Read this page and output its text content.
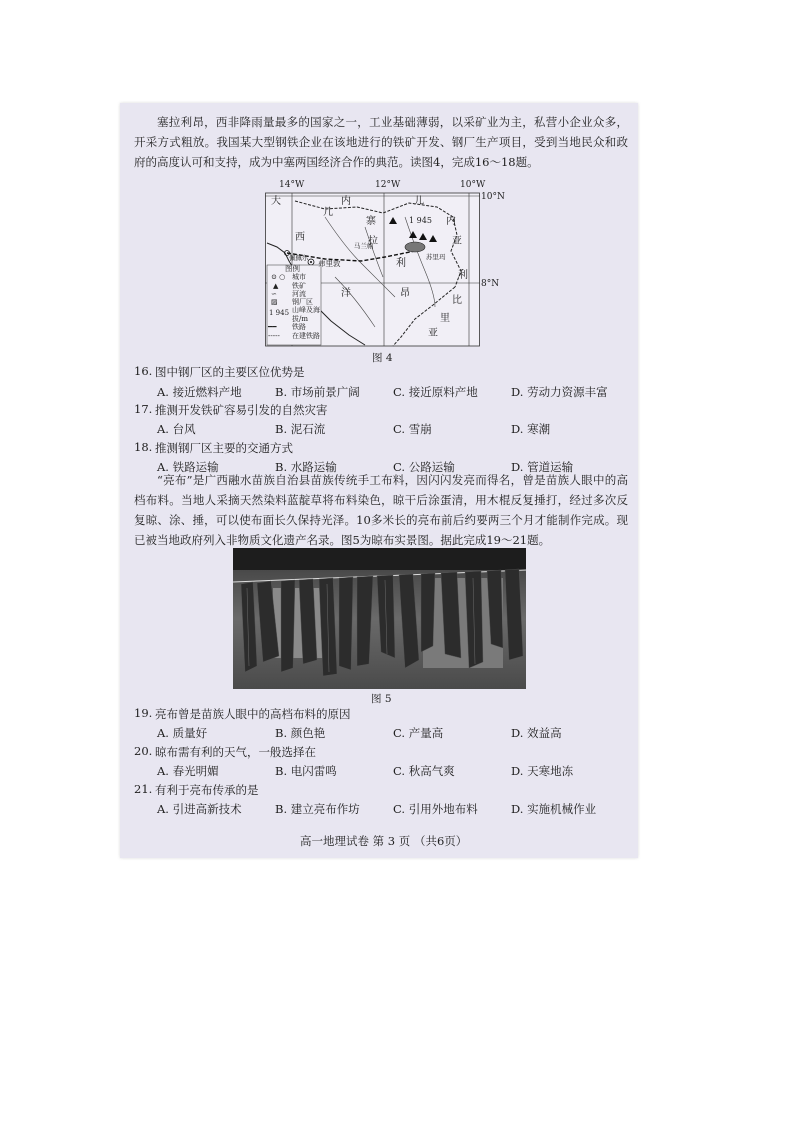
塞拉利昂，西非降雨量最多的国家之一，工业基础薄弱，以采矿业为主，私营小企业众多，开采方式粗放。我国某大型钢铁企业在该地进行的铁矿开发、钢厂生产项目，受到当地民众和政府的高度认可和支持，成为中塞两国经济合作的典范。读图4，完成16～18题。
14°W	12°W	10°W
10°N
8°N
大
几
内
西
寨
拉
利
洋	昂
利
比
里
亚
儿
内
亚
马兰帕
佩佩尔
弗里敦
苏里玛
1 945
图例
⊙ ○ 城市
▲ 铁矿
∽ 河流
▨ 钢厂区
1 945 山峰及海拔/m
━━ 铁路
----- 在建铁路
图 4
16. 图中钢厂区的主要区位优势是
A. 接近燃料产地	B. 市场前景广阔	C. 接近原料产地	D. 劳动力资源丰富
17. 推测开发铁矿容易引发的自然灾害
A. 台风	B. 泥石流	C. 雪崩	D. 寒潮
18. 推测钢厂区主要的交通方式
A. 铁路运输	B. 水路运输	C. 公路运输	D. 管道运输
“亮布”是广西融水苗族自治县苗族传统手工布料，因闪闪发亮而得名，曾是苗族人眼中的高档布料。当地人采摘天然染料蓝靛草将布料染色，晾干后涂蛋清，用木棍反复捶打，经过多次反复晾、涂、捶，可以使布面长久保持光泽。10多米长的亮布前后约要两三个月才能制作完成。现已被当地政府列入非物质文化遗产名录。图5为晾布实景图。据此完成19～21题。
图 5
19. 亮布曾是苗族人眼中的高档布料的原因
A. 质量好	B. 颜色艳	C. 产量高	D. 效益高
20. 晾布需有利的天气，一般选择在
A. 春光明媚	B. 电闪雷鸣	C. 秋高气爽	D. 天寒地冻
21. 有利于亮布传承的是
A. 引进高新技术	B. 建立亮布作坊	C. 引用外地布料	D. 实施机械作业
高一地理试卷 第 3 页 （共6页）
